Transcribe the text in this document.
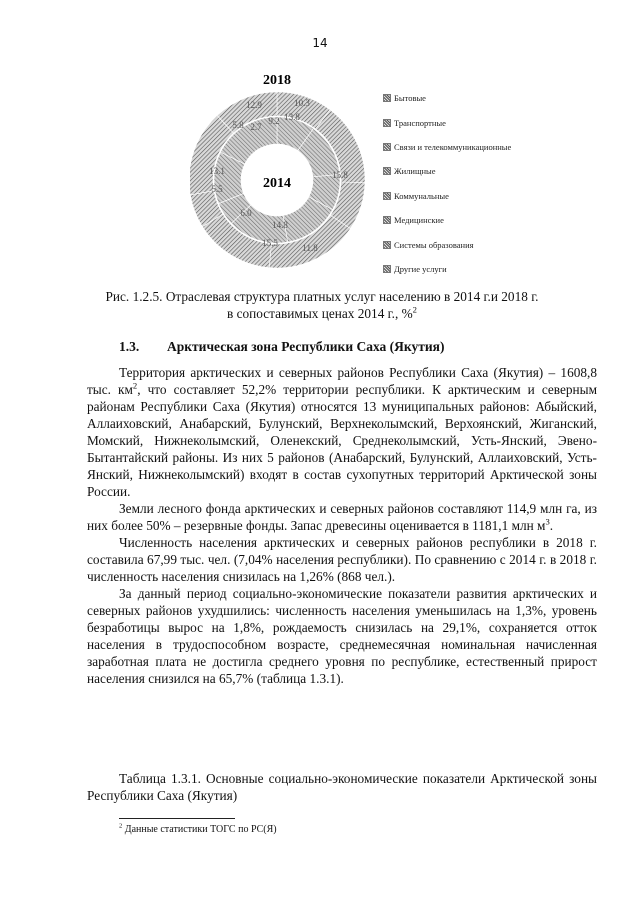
14
2018
2014
10.3
12.9
13.8
9.2
5.8 2.7
13.1
5.5
6.0
15.8
14.8
15.5	11.8
Бытовые
Транспортные
Связи и телекоммуникационные
Жилищные
Коммунальные
Медицинские
Системы образования
Другие услуги
Рис. 1.2.5. Отраслевая структура платных услуг населению в 2014 г.и 2018 г.
в сопоставимых ценах 2014 г., %$^2$
1.3. Арктическая зона Республики Саха (Якутия)

Территория арктических и северных районов Республики Саха (Якутия) – 1608,8 тыс. $км^2$, что составляет 52,2% территории республики. К арктическим и северным районам Республики Саха (Якутия) относятся 13 муниципальных районов: Абыйский, Аллаиховский, Анабарский, Булунский, Верхнеколымский, Верхоянский, Жиганский, Момский, Нижнеколымский, Оленекский, Среднеколымский, Усть-Янский, Эвено-Бытантайский районы. Из них 5 районов (Анабарский, Булунский, Аллаиховский, Усть-Янский, Нижнеколымский) входят в состав сухопутных территорий Арктической зоны России.

Земли лесного фонда арктических и северных районов составляют 114,9 млн га, из них более 50% – резервные фонды. Запас древесины оценивается в 1181,1 млн $м^3$.

Численность населения арктических и северных районов республики в 2018 г. составила 67,99 тыс. чел. (7,04% населения республики). По сравнению с 2014 г. в 2018 г. численность населения снизилась на 1,26% (868 чел.).

За данный период социально-экономические показатели развития арктических и северных районов ухудшились: численность населения уменьшилась на 1,3%, уровень безработицы вырос на 1,8%, рождаемость снизилась на 29,1%, сохраняется отток населения в трудоспособном возрасте, среднемесячная номинальная начисленная заработная плата не достигла среднего уровня по республике, естественный прирост населения снизился на 65,7% (таблица 1.3.1).

Таблица 1.3.1. Основные социально-экономические показатели Арктической зоны Республики Саха (Якутия)
$^2$ Данные статистики ТОГС по РС(Я)
